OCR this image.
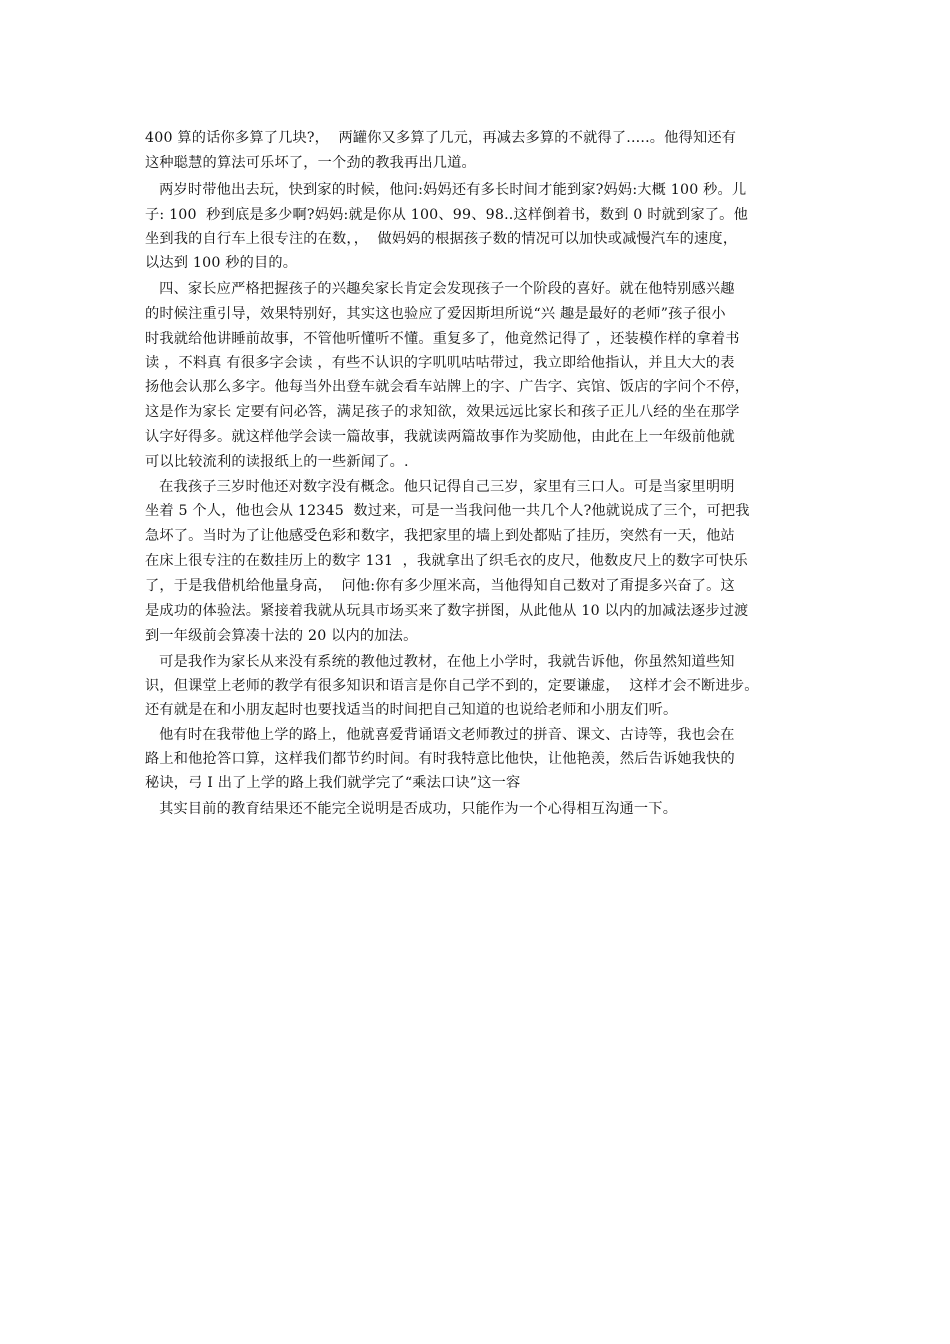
400 算的话你多算了几块?，  两罐你又多算了几元，再减去多算的不就得了.....。他得知还有
这种聪慧的算法可乐坏了，一个劲的教我再出几道。
两岁时带他出去玩，快到家的时候，他问:妈妈还有多长时间才能到家?妈妈:大概 100 秒。儿
子: 100  秒到底是多少啊?妈妈:就是你从 100、99、98..这样倒着书，数到 0 时就到家了。他
坐到我的自行车上很专注的在数，，  做妈妈的根据孩子数的情况可以加快或减慢汽车的速度，
以达到 100 秒的目的。
四、家长应严格把握孩子的兴趣矣家长肯定会发现孩子一个阶段的喜好。就在他特别感兴趣
的时候注重引导，效果特别好，其实这也验应了爱因斯坦所说“兴 趣是最好的老师”孩子很小
时我就给他讲睡前故事，不管他听懂听不懂。重复多了，他竟然记得了 ，还装模作样的拿着书
读 ，不料真 有很多字会读 ，有些不认识的字叽叽咕咕带过，我立即给他指认，并且大大的表
扬他会认那么多字。他每当外出登车就会看车站牌上的字、广告字、宾馆、饭店的字问个不停，
这是作为家长 定要有问必答，满足孩子的求知欲，效果远远比家长和孩子正儿八经的坐在那学
认字好得多。就这样他学会读一篇故事，我就读两篇故事作为奖励他，由此在上一年级前他就
可以比较流利的读报纸上的一些新闻了。.
在我孩子三岁时他还对数字没有概念。他只记得自己三岁，家里有三口人。可是当家里明明
坐着 5 个人，他也会从 12345  数过来，可是一当我问他一共几个人?他就说成了三个，可把我
急坏了。当时为了让他感受色彩和数字，我把家里的墙上到处都贴了挂历，突然有一天，他站
在床上很专注的在数挂历上的数字 131  ，我就拿出了织毛衣的皮尺，他数皮尺上的数字可快乐
了，于是我借机给他量身高，  问他:你有多少厘米高，当他得知自己数对了甭提多兴奋了。这
是成功的体验法。紧接着我就从玩具市场买来了数字拼图，从此他从 10 以内的加减法逐步过渡
到一年级前会算凑十法的 20 以内的加法。
可是我作为家长从来没有系统的教他过教材，在他上小学时，我就告诉他，你虽然知道些知
识，但课堂上老师的教学有很多知识和语言是你自己学不到的，定要谦虚，  这样才会不断进步。
还有就是在和小朋友起时也要找适当的时间把自己知道的也说给老师和小朋友们听。
他有时在我带他上学的路上，他就喜爱背诵语文老师教过的拼音、课文、古诗等，我也会在
路上和他抢答口算，这样我们都节约时间。有时我特意比他快，让他艳羡，然后告诉她我快的
秘诀，弓 I 出了上学的路上我们就学完了“乘法口诀”这一容
其实目前的教育结果还不能完全说明是否成功，只能作为一个心得相互沟通一下。
